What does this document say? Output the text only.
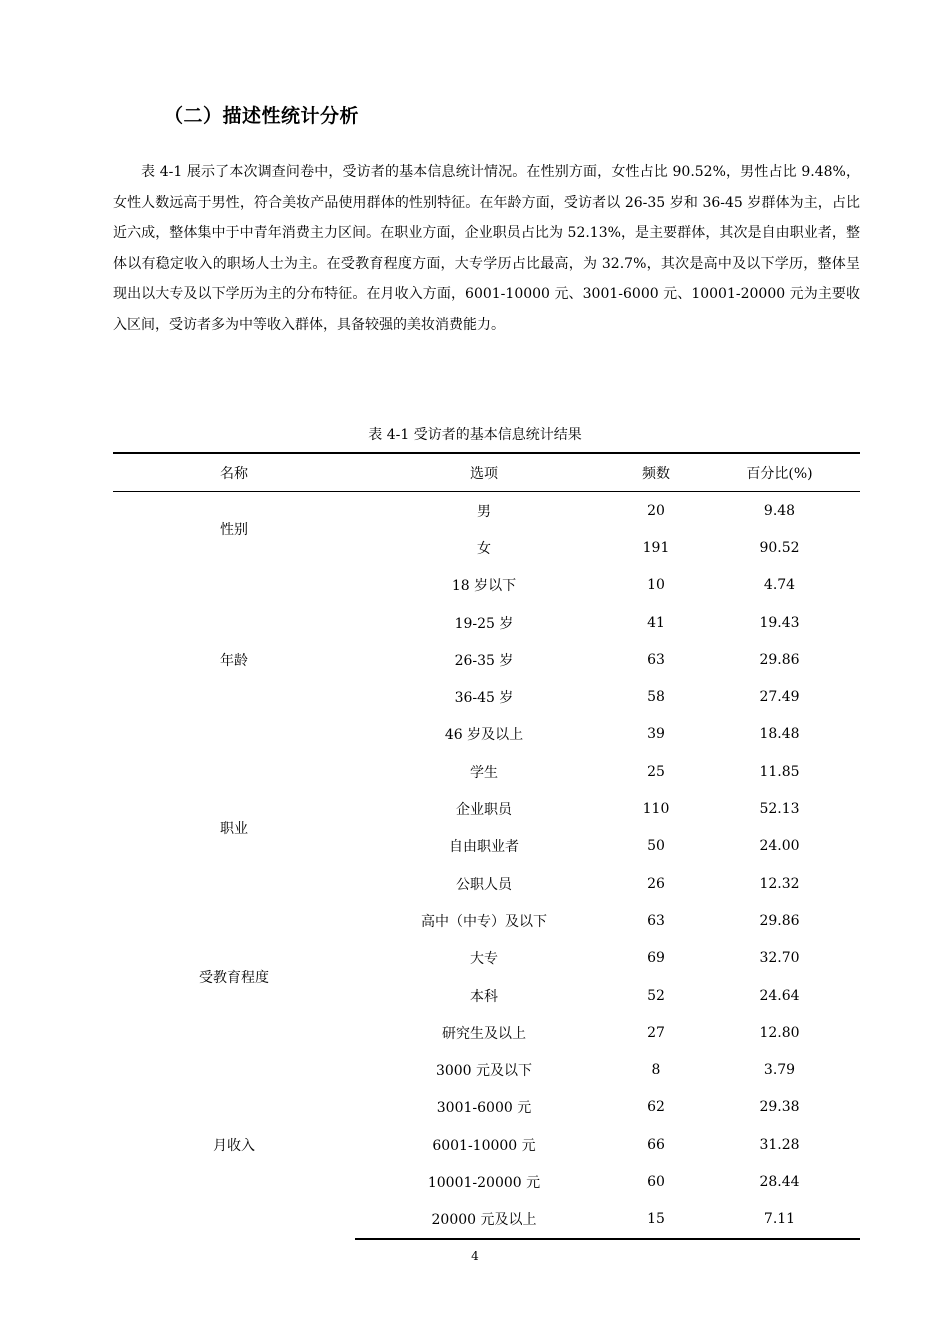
（二）描述性统计分析

表 4-1 展示了本次调查问卷中，受访者的基本信息统计情况。在性别方面，女性占比 90.52%，男性占比 9.48%，女性人数远高于男性，符合美妆产品使用群体的性别特征。在年龄方面，受访者以 26-35 岁和 36-45 岁群体为主，占比近六成，整体集中于中青年消费主力区间。在职业方面，企业职员占比为 52.13%，是主要群体，其次是自由职业者，整体以有稳定收入的职场人士为主。在受教育程度方面，大专学历占比最高，为 32.7%，其次是高中及以下学历，整体呈现出以大专及以下学历为主的分布特征。在月收入方面，6001-10000 元、3001-6000 元、10001-20000 元为主要收入区间，受访者多为中等收入群体，具备较强的美妆消费能力。

表 4-1 受访者的基本信息统计结果
名称	选项	频数	百分比(%)
性别	男	20	9.48
	女	191	90.52
年龄	18 岁以下	10	4.74
	19-25 岁	41	19.43
	26-35 岁	63	29.86
	36-45 岁	58	27.49
	46 岁及以上	39	18.48
职业	学生	25	11.85
	企业职员	110	52.13
	自由职业者	50	24.00
	公职人员	26	12.32
受教育程度	高中（中专）及以下	63	29.86
	大专	69	32.70
	本科	52	24.64
	研究生及以上	27	12.80
月收入	3000 元及以下	8	3.79
	3001-6000 元	62	29.38
	6001-10000 元	66	31.28
	10001-20000 元	60	28.44
	20000 元及以上	15	7.11
4
